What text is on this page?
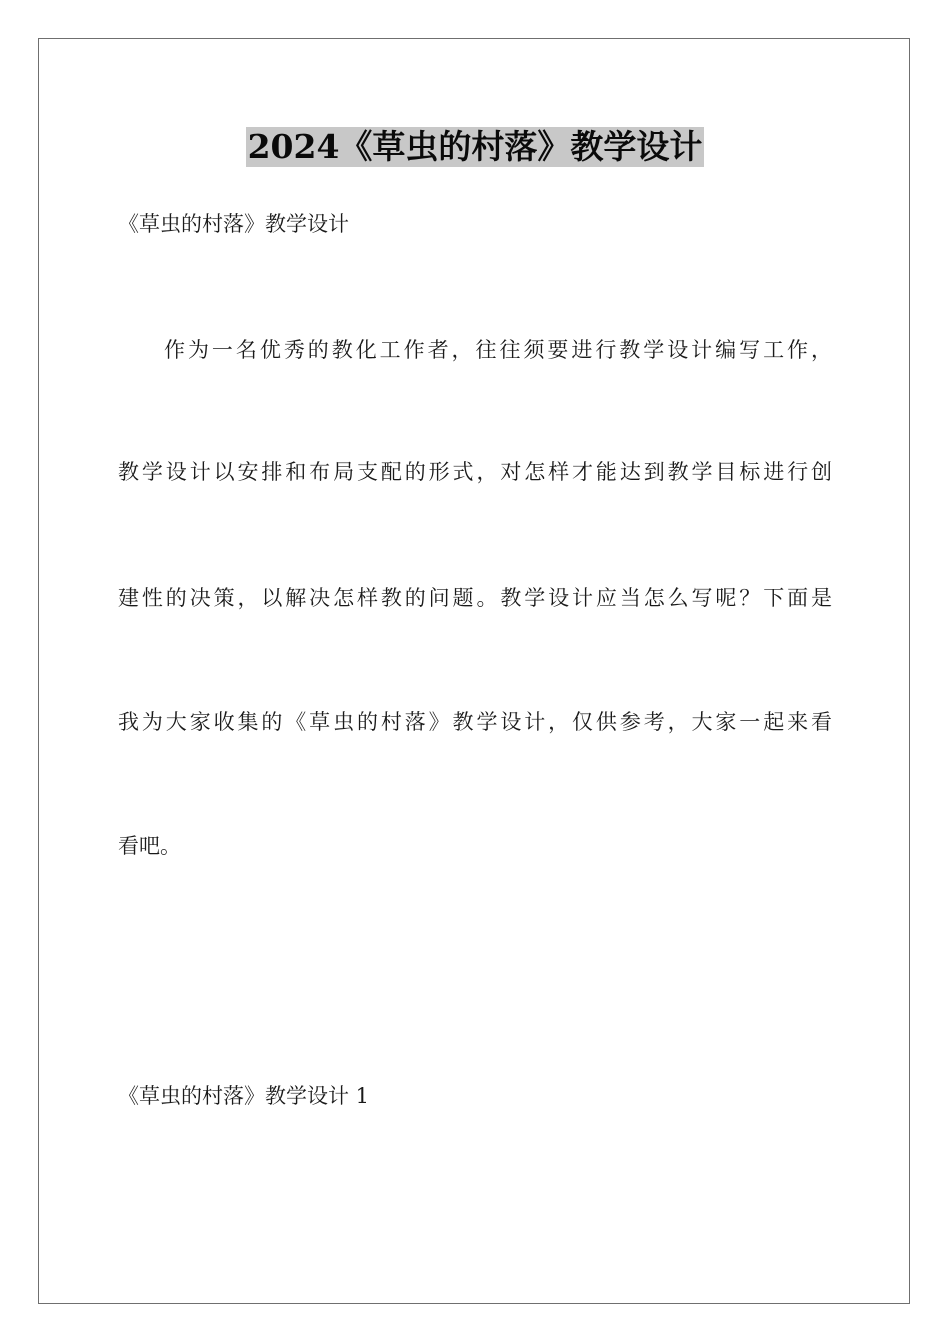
2024《草虫的村落》教学设计
《草虫的村落》教学设计
作为一名优秀的教化工作者，往往须要进行教学设计编写工作，
教学设计以安排和布局支配的形式，对怎样才能达到教学目标进行创
建性的决策，以解决怎样教的问题。教学设计应当怎么写呢？下面是
我为大家收集的《草虫的村落》教学设计，仅供参考，大家一起来看
看吧。
《草虫的村落》教学设计 1
